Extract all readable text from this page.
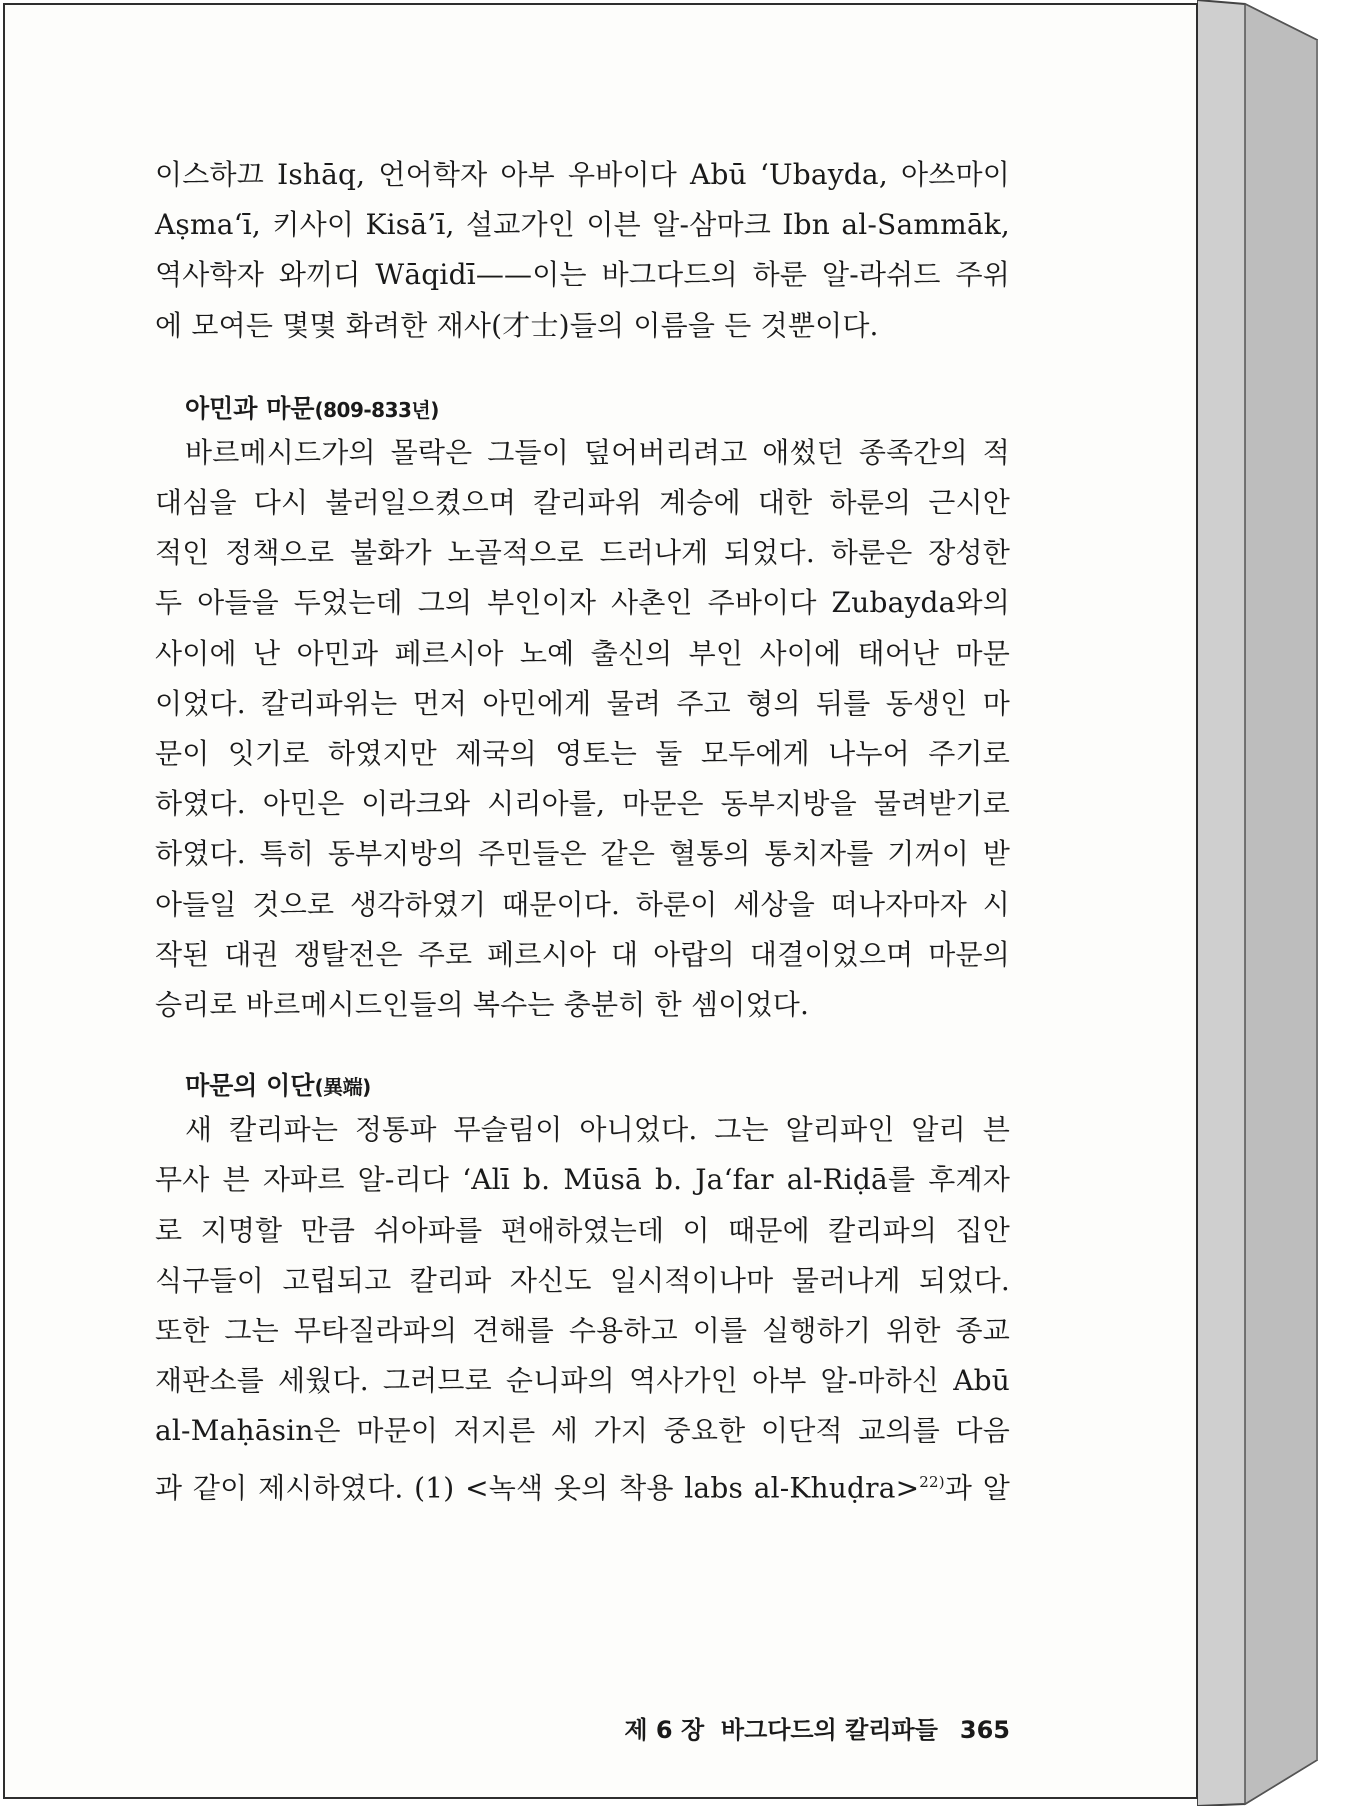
이스하끄 Ishāq, 언어학자 아부 우바이다 Abū ‘Ubayda, 아쓰마이

Aṣma‘ī, 키사이 Kisā’ī, 설교가인 이븐 알-삼마크 Ibn al-Sammāk,

역사학자 와끼디 Wāqidī——이는 바그다드의 하룬 알-라쉬드 주위

에 모여든 몇몇 화려한 재사(才士)들의 이름을 든 것뿐이다.

아민과 마문(809-833년)

바르메시드가의 몰락은 그들이 덮어버리려고 애썼던 종족간의 적

대심을 다시 불러일으켰으며 칼리파위 계승에 대한 하룬의 근시안

적인 정책으로 불화가 노골적으로 드러나게 되었다. 하룬은 장성한

두 아들을 두었는데 그의 부인이자 사촌인 주바이다 Zubayda와의

사이에 난 아민과 페르시아 노예 출신의 부인 사이에 태어난 마문

이었다. 칼리파위는 먼저 아민에게 물려 주고 형의 뒤를 동생인 마

문이 잇기로 하였지만 제국의 영토는 둘 모두에게 나누어 주기로

하였다. 아민은 이라크와 시리아를, 마문은 동부지방을 물려받기로

하였다. 특히 동부지방의 주민들은 같은 혈통의 통치자를 기꺼이 받

아들일 것으로 생각하였기 때문이다. 하룬이 세상을 떠나자마자 시

작된 대권 쟁탈전은 주로 페르시아 대 아랍의 대결이었으며 마문의

승리로 바르메시드인들의 복수는 충분히 한 셈이었다.

마문의 이단(異端)

새 칼리파는 정통파 무슬림이 아니었다. 그는 알리파인 알리 븐

무사 븐 자파르 알-리다 ‘Alī b. Mūsā b. Ja‘far al-Riḍā를 후계자

로 지명할 만큼 쉬아파를 편애하였는데 이 때문에 칼리파의 집안

식구들이 고립되고 칼리파 자신도 일시적이나마 물러나게 되었다.

또한 그는 무타질라파의 견해를 수용하고 이를 실행하기 위한 종교

재판소를 세웠다. 그러므로 순니파의 역사가인 아부 알-마하신 Abū

al-Maḥāsin은 마문이 저지른 세 가지 중요한 이단적 교의를 다음

과 같이 제시하였다. (1) <녹색 옷의 착용 labs al-Khuḍra>$^{22)}$과 알

제 6 장  바그다드의 칼리파들 365
